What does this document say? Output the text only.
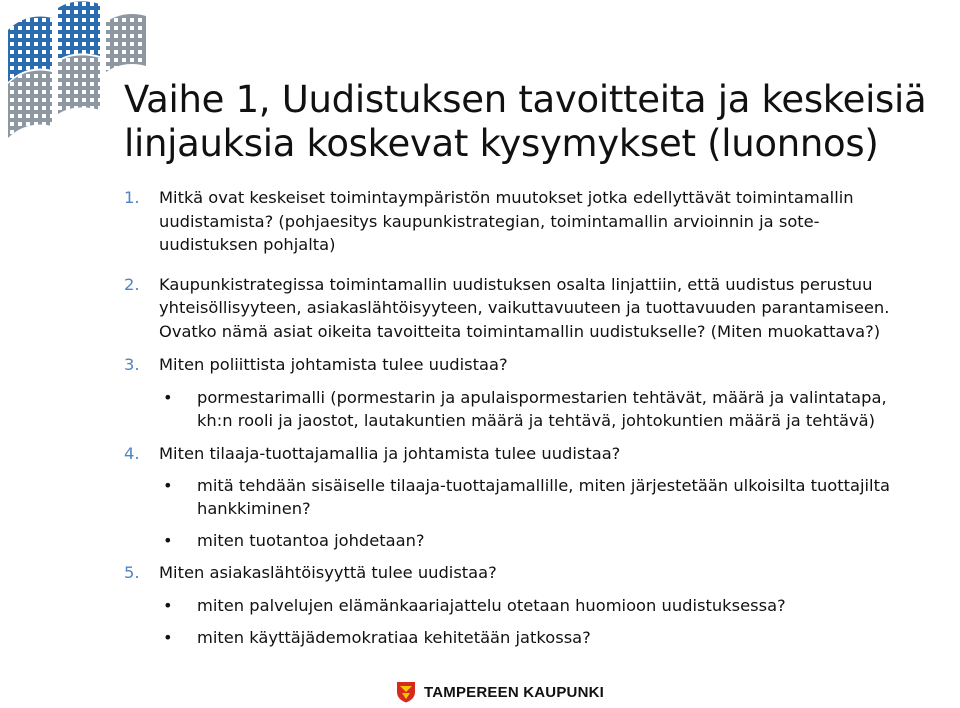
Vaihe 1, Uudistuksen tavoitteita ja keskeisiä linjauksia koskevat kysymykset (luonnos)
1. Mitkä ovat keskeiset toimintaympäristön muutokset jotka edellyttävät toimintamallin uudistamista? (pohjaesitys kaupunkistrategian, toimintamallin arvioinnin ja sote-uudistuksen pohjalta)
2. Kaupunkistrategissa toimintamallin uudistuksen osalta linjattiin, että uudistus perustuu yhteisöllisyyteen, asiakaslähtöisyyteen, vaikuttavuuteen ja tuottavuuden parantamiseen. Ovatko nämä asiat oikeita tavoitteita toimintamallin uudistukselle? (Miten muokattava?)
3. Miten poliittista johtamista tulee uudistaa?
• pormestarimalli (pormestarin ja apulaispormestarien tehtävät, määrä ja valintatapa, kh:n rooli ja jaostot, lautakuntien määrä ja tehtävä, johtokuntien määrä ja tehtävä)
4. Miten tilaaja-tuottajamallia ja johtamista tulee uudistaa?
• mitä tehdään sisäiselle tilaaja-tuottajamallille, miten järjestetään ulkoisilta tuottajilta hankkiminen?
• miten tuotantoa johdetaan?
5. Miten asiakaslähtöisyyttä tulee uudistaa?
• miten palvelujen elämänkaariajattelu otetaan huomioon uudistuksessa?
• miten käyttäjädemokratiaa kehitetään jatkossa?
TAMPEREEN KAUPUNKI
